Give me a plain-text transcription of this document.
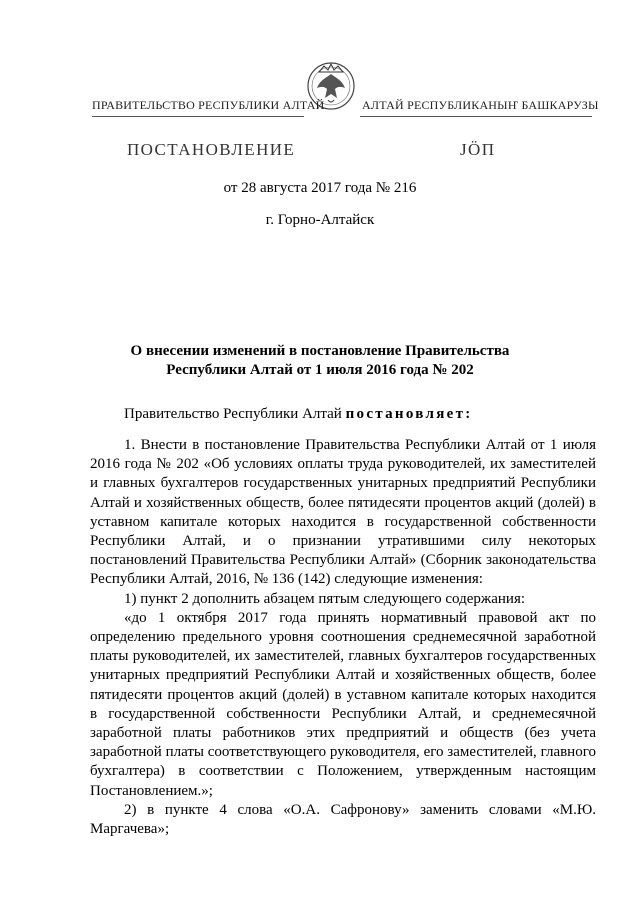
ПРАВИТЕЛЬСТВО РЕСПУБЛИКИ АЛТАЙ	АЛТАЙ РЕСПУБЛИКАНЫҤ БАШКАРУЗЫ
ПОСТАНОВЛЕНИЕ	ЈӦП
от 28 августа 2017 года № 216
г. Горно-Алтайск
О внесении изменений в постановление Правительства
Республики Алтай от 1 июля 2016 года № 202
Правительство Республики Алтай постановляет:

1. Внести в постановление Правительства Республики Алтай от 1 июля 2016 года № 202 «Об условиях оплаты труда руководителей, их заместителей и главных бухгалтеров государственных унитарных предприятий Республики Алтай и хозяйственных обществ, более пятидесяти процентов акций (долей) в уставном капитале которых находится в государственной собственности Республики Алтай, и о признании утратившими силу некоторых постановлений Правительства Республики Алтай» (Сборник законодательства Республики Алтай, 2016, № 136 (142) следующие изменения:

1) пункт 2 дополнить абзацем пятым следующего содержания:

«до 1 октября 2017 года принять нормативный правовой акт по определению предельного уровня соотношения среднемесячной заработной платы руководителей, их заместителей, главных бухгалтеров государственных унитарных предприятий Республики Алтай и хозяйственных обществ, более пятидесяти процентов акций (долей) в уставном капитале которых находится в государственной собственности Республики Алтай, и среднемесячной заработной платы работников этих предприятий и обществ (без учета заработной платы соответствующего руководителя, его заместителей, главного бухгалтера) в соответствии с Положением, утвержденным настоящим Постановлением.»;

2) в пункте 4 слова «О.А. Сафронову» заменить словами «М.Ю. Маргачева»;
